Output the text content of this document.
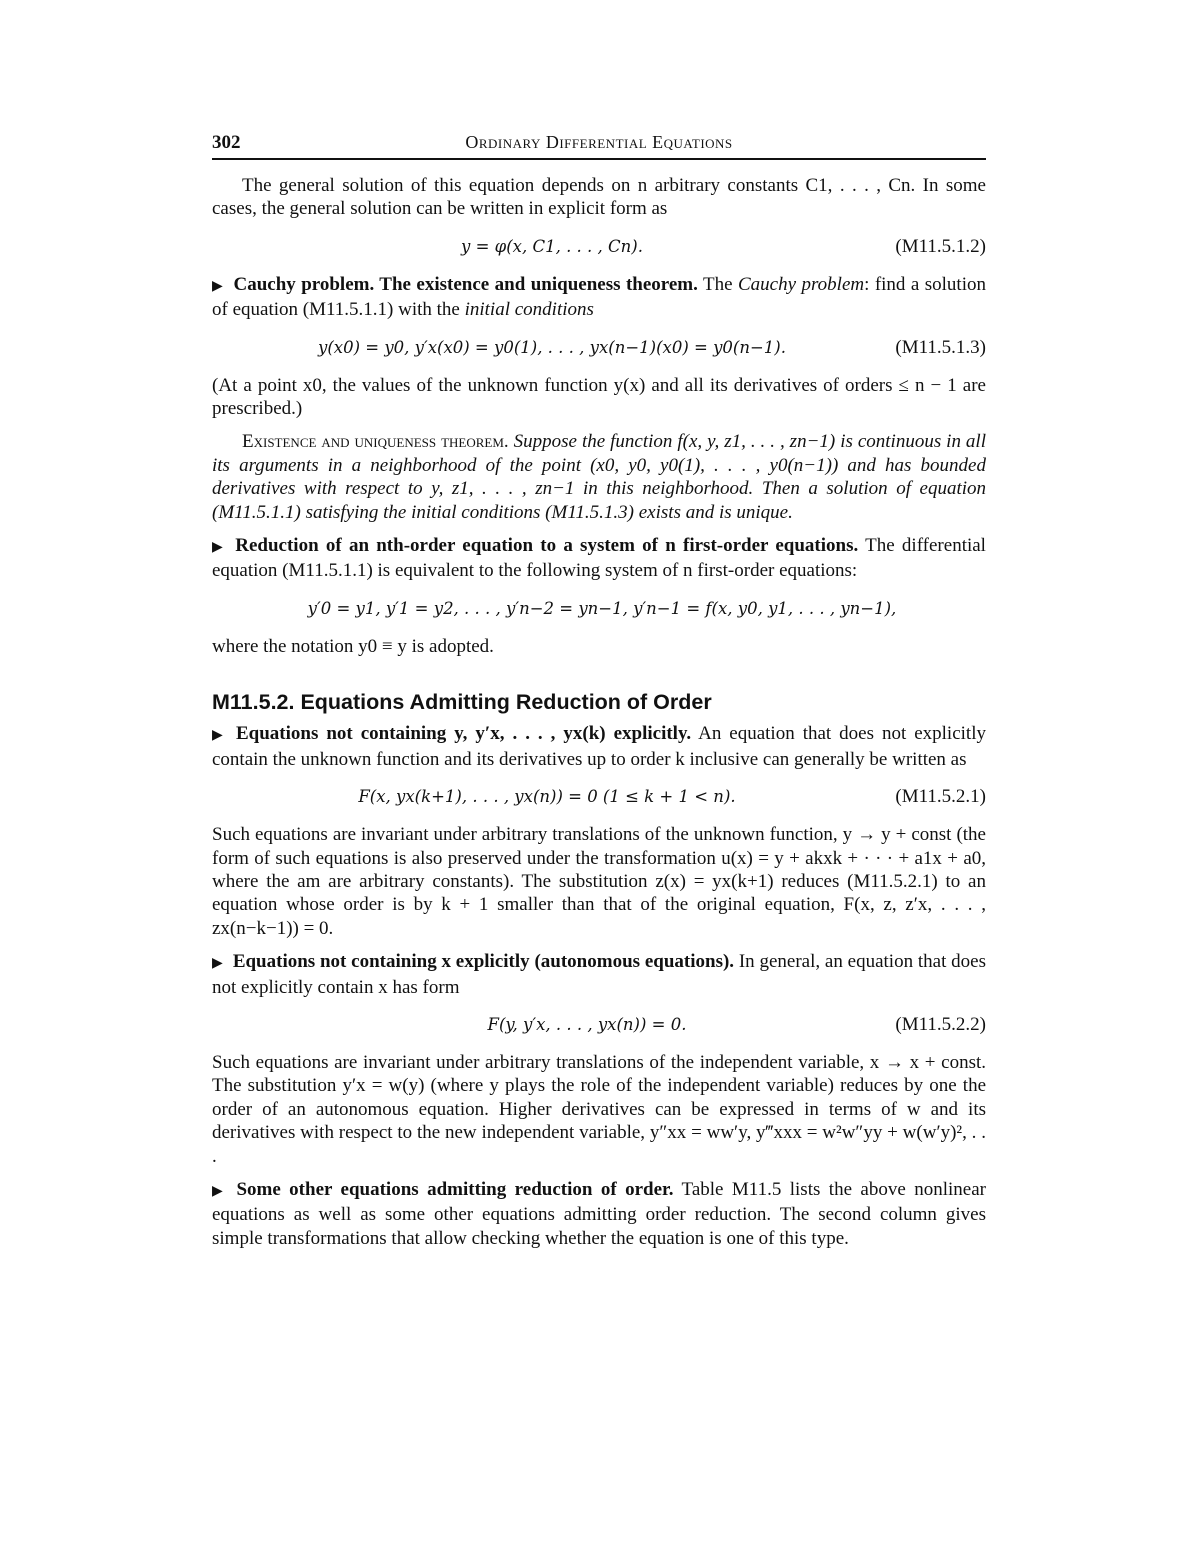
302	Ordinary Differential Equations

The general solution of this equation depends on n arbitrary constants C1, . . . , Cn. In some cases, the general solution can be written in explicit form as

y = φ(x, C1, . . . , Cn).	(M11.5.1.2)

▶ Cauchy problem. The existence and uniqueness theorem. The Cauchy problem: find a solution of equation (M11.5.1.1) with the initial conditions

y(x0) = y0, y′x(x0) = y0(1), . . . , yx(n−1)(x0) = y0(n−1).	(M11.5.1.3)

(At a point x0, the values of the unknown function y(x) and all its derivatives of orders ≤ n − 1 are prescribed.)

Existence and uniqueness theorem. Suppose the function f(x, y, z1, . . . , zn−1) is continuous in all its arguments in a neighborhood of the point (x0, y0, y0(1), . . . , y0(n−1)) and has bounded derivatives with respect to y, z1, . . . , zn−1 in this neighborhood. Then a solution of equation (M11.5.1.1) satisfying the initial conditions (M11.5.1.3) exists and is unique.

▶ Reduction of an nth-order equation to a system of n first-order equations. The differential equation (M11.5.1.1) is equivalent to the following system of n first-order equations:

y′0 = y1, y′1 = y2, . . . , y′n−2 = yn−1, y′n−1 = f(x, y0, y1, . . . , yn−1),

where the notation y0 ≡ y is adopted.

M11.5.2. Equations Admitting Reduction of Order

▶ Equations not containing y, y′x, . . . , yx(k) explicitly. An equation that does not explicitly contain the unknown function and its derivatives up to order k inclusive can generally be written as

F(x, yx(k+1), . . . , yx(n)) = 0 (1 ≤ k + 1 < n).	(M11.5.2.1)

Such equations are invariant under arbitrary translations of the unknown function, y → y + const (the form of such equations is also preserved under the transformation u(x) = y + akxk + · · · + a1x + a0, where the am are arbitrary constants). The substitution z(x) = yx(k+1) reduces (M11.5.2.1) to an equation whose order is by k + 1 smaller than that of the original equation, F(x, z, z′x, . . . , zx(n−k−1)) = 0.

▶ Equations not containing x explicitly (autonomous equations). In general, an equation that does not explicitly contain x has form

F(y, y′x, . . . , yx(n)) = 0.	(M11.5.2.2)

Such equations are invariant under arbitrary translations of the independent variable, x → x + const. The substitution y′x = w(y) (where y plays the role of the independent variable) reduces by one the order of an autonomous equation. Higher derivatives can be expressed in terms of w and its derivatives with respect to the new independent variable, y″xx = ww′y, y‴xxx = w²w″yy + w(w′y)², . . .

▶ Some other equations admitting reduction of order. Table M11.5 lists the above nonlinear equations as well as some other equations admitting order reduction. The second column gives simple transformations that allow checking whether the equation is one of this type.
